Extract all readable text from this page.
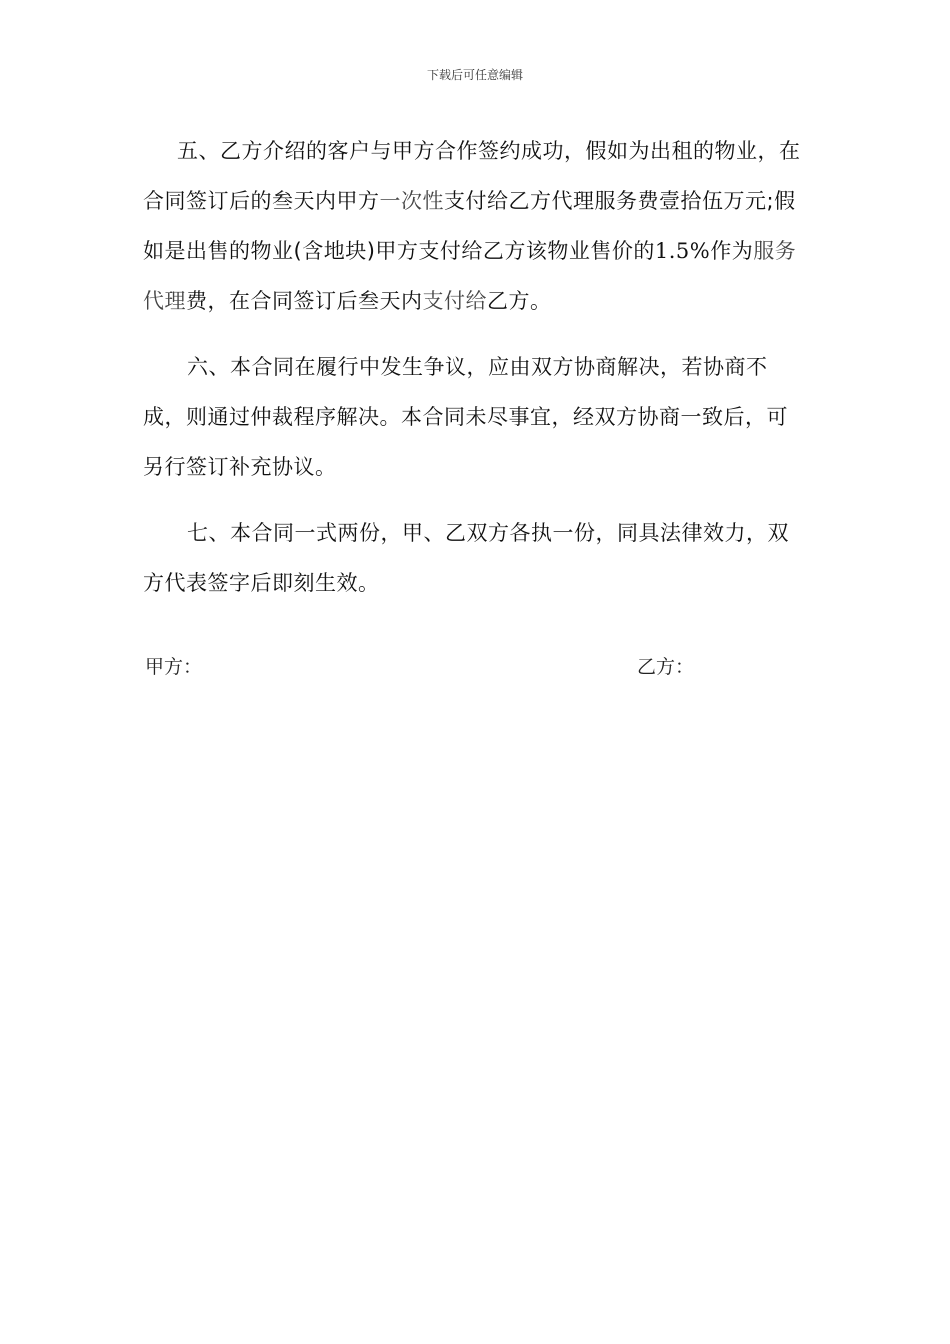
下载后可任意编辑

五、乙方介绍的客户与甲方合作签约成功，假如为出租的物业，在合同签订后的叁天内甲方一次性支付给乙方代理服务费壹拾伍万元;假如是出售的物业(含地块)甲方支付给乙方该物业售价的1.5%作为服务代理费，在合同签订后叁天内支付给乙方。

六、本合同在履行中发生争议，应由双方协商解决，若协商不成，则通过仲裁程序解决。本合同未尽事宜，经双方协商一致后，可另行签订补充协议。

七、本合同一式两份，甲、乙双方各执一份，同具法律效力，双方代表签字后即刻生效。

甲方：	乙方：
